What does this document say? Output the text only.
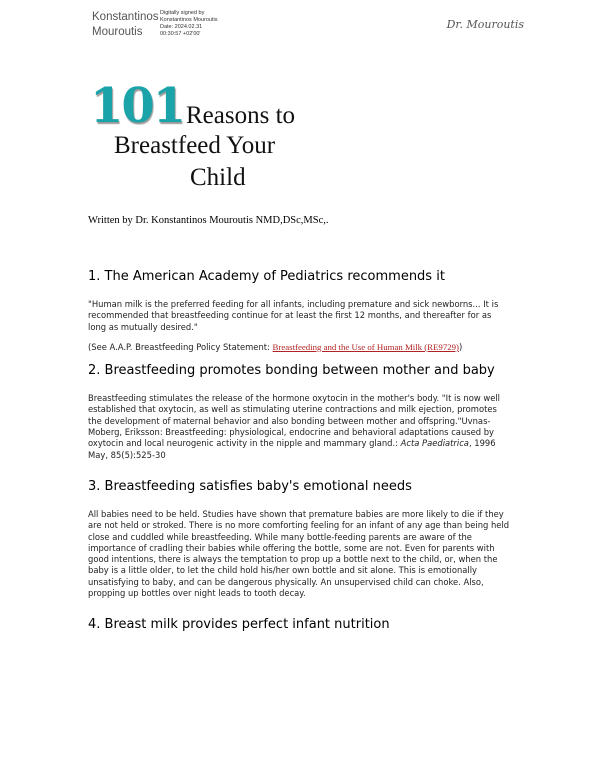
Konstantinos Mouroutis
Digitally signed by
Konstantinos Mouroutis
Date: 2024.02.31
00:30:57 +02'00'
Dr. Mouroutis
101 Reasons to
Breastfeed Your
Child
Written by Dr. Konstantinos Mouroutis NMD,DSc,MSc,.
1. The American Academy of Pediatrics recommends it
"Human milk is the preferred feeding for all infants, including premature and sick newborns... It is recommended that breastfeeding continue for at least the first 12 months, and thereafter for as long as mutually desired."
(See A.A.P. Breastfeeding Policy Statement: Breastfeeding and the Use of Human Milk (RE9729))
2. Breastfeeding promotes bonding between mother and baby
Breastfeeding stimulates the release of the hormone oxytocin in the mother's body. "It is now well established that oxytocin, as well as stimulating uterine contractions and milk ejection, promotes the development of maternal behavior and also bonding between mother and offspring."Uvnas-Moberg, Eriksson: Breastfeeding: physiological, endocrine and behavioral adaptations caused by oxytocin and local neurogenic activity in the nipple and mammary gland.: Acta Paediatrica, 1996 May, 85(5):525-30
3. Breastfeeding satisfies baby's emotional needs
All babies need to be held. Studies have shown that premature babies are more likely to die if they are not held or stroked. There is no more comforting feeling for an infant of any age than being held close and cuddled while breastfeeding. While many bottle-feeding parents are aware of the importance of cradling their babies while offering the bottle, some are not. Even for parents with good intentions, there is always the temptation to prop up a bottle next to the child, or, when the baby is a little older, to let the child hold his/her own bottle and sit alone. This is emotionally unsatisfying to baby, and can be dangerous physically. An unsupervised child can choke. Also, propping up bottles over night leads to tooth decay.
4. Breast milk provides perfect infant nutrition
